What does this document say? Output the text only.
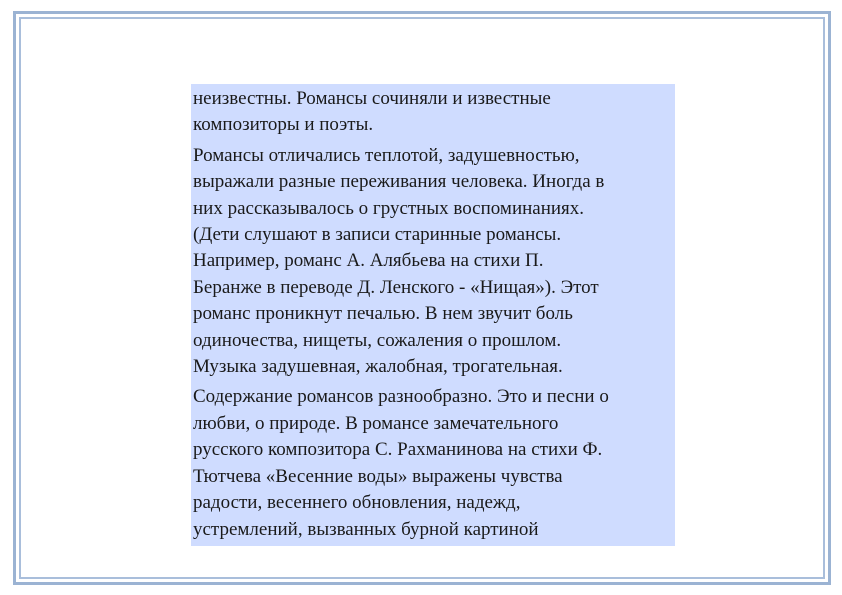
неизвестны. Романсы сочиняли и известные
композиторы и поэты.

Романсы отличались теплотой, задушевностью,
выражали разные переживания человека. Иногда в
них рассказывалось о грустных воспоминаниях.
(Дети слушают в записи старинные романсы.
Например, романс А. Алябьева на стихи П.
Беранже в переводе Д. Ленского - «Нищая»). Этот
романс проникнут печалью. В нем звучит боль
одиночества, нищеты, сожаления о прошлом.
Музыка задушевная, жалобная, трогательная.

Содержание романсов разнообразно. Это и песни о
любви, о природе. В романсе замечательного
русского композитора С. Рахманинова на стихи Ф.
Тютчева «Весенние воды» выражены чувства
радости, весеннего обновления, надежд,
устремлений, вызванных бурной картиной
